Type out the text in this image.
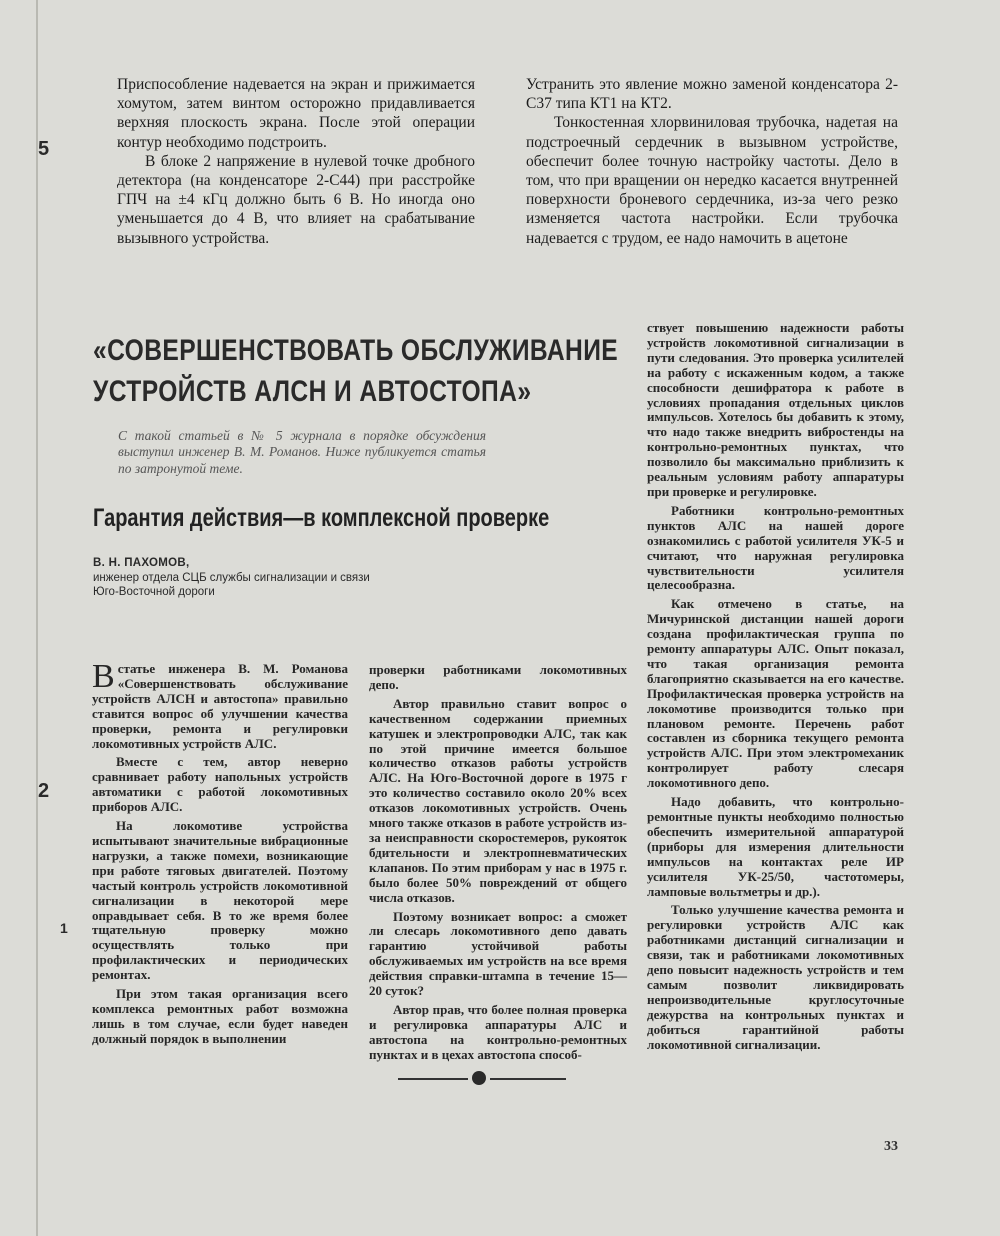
5
2
1

Приспособление надевается на экран и прижимается хомутом, затем винтом осторожно придавливается верхняя плоскость экрана. После этой операции контур необходимо подстроить.

В блоке 2 напряжение в нулевой точке дробного детектора (на конденсаторе 2-С44) при расстройке ГПЧ на ±4 кГц должно быть 6 В. Но иногда оно уменьшается до 4 В, что влияет на срабатывание вызывного устройства.

Устранить это явление можно заменой конденсатора 2-С37 типа КТ1 на КТ2.

Тонкостенная хлорвиниловая трубочка, надетая на подстроечный сердечник в вызывном устройстве, обеспечит более точную настройку частоты. Дело в том, что при вращении он нередко касается внутренней поверхности броневого сердечника, из-за чего резко изменяется частота настройки. Если трубочка надевается с трудом, ее надо намочить в ацетоне

«СОВЕРШЕНСТВОВАТЬ ОБСЛУЖИВАНИЕ
УСТРОЙСТВ АЛСН И АВТОСТОПА»
С такой статьей в № 5 журнала в порядке обсуждения выступил инженер В. М. Романов. Ниже публикуется статья по затронутой теме.
Гарантия действия—в комплексной проверке
В. Н. ПАХОМОВ,
инженер отдела СЦБ службы сигнализации и связи
Юго-Восточной дороги

Встатье инженера В. М. Романова «Совершенствовать обслуживание устройств АЛСН и автостопа» правильно ставится вопрос об улучшении качества проверки, ремонта и регулировки локомотивных устройств АЛС.

Вместе с тем, автор неверно сравнивает работу напольных устройств автоматики с работой локомотивных приборов АЛС.

На локомотиве устройства испытывают значительные вибрационные нагрузки, а также помехи, возникающие при работе тяговых двигателей. Поэтому частый контроль устройств локомотивной сигнализации в некоторой мере оправдывает себя. В то же время более тщательную проверку можно осуществлять только при профилактических и периодических ремонтах.

При этом такая организация всего комплекса ремонтных работ возможна лишь в том случае, если будет наведен должный порядок в выполнении

проверки работниками локомотивных депо.

Автор правильно ставит вопрос о качественном содержании приемных катушек и электропроводки АЛС, так как по этой причине имеется большое количество отказов работы устройств АЛС. На Юго-Восточной дороге в 1975 г это количество составило около 20% всех отказов локомотивных устройств. Очень много также отказов в работе устройств из-за неисправности скоростемеров, рукояток бдительности и электропневматических клапанов. По этим приборам у нас в 1975 г. было более 50% повреждений от общего числа отказов.

Поэтому возникает вопрос: а сможет ли слесарь локомотивного депо давать гарантию устойчивой работы обслуживаемых им устройств на все время действия справки-штампа в течение 15—20 суток?

Автор прав, что более полная проверка и регулировка аппаратуры АЛС и автостопа на контрольно-ремонтных пунктах и в цехах автостопа способ-

ствует повышению надежности работы устройств локомотивной сигнализации в пути следования. Это проверка усилителей на работу с искаженным кодом, а также способности дешифратора к работе в условиях пропадания отдельных циклов импульсов. Хотелось бы добавить к этому, что надо также внедрить вибростенды на контрольно-ремонтных пунктах, что позволило бы максимально приблизить к реальным условиям работу аппаратуры при проверке и регулировке.

Работники контрольно-ремонтных пунктов АЛС на нашей дороге ознакомились с работой усилителя УК-5 и считают, что наружная регулировка чувствительности усилителя целесообразна.

Как отмечено в статье, на Мичуринской дистанции нашей дороги создана профилактическая группа по ремонту аппаратуры АЛС. Опыт показал, что такая организация ремонта благоприятно сказывается на его качестве. Профилактическая проверка устройств на локомотиве производится только при плановом ремонте. Перечень работ составлен из сборника текущего ремонта устройств АЛС. При этом электромеханик контролирует работу слесаря локомотивного депо.

Надо добавить, что контрольно-ремонтные пункты необходимо полностью обеспечить измерительной аппаратурой (приборы для измерения длительности импульсов на контактах реле ИР усилителя УК-25/50, частотомеры, ламповые вольтметры и др.).

Только улучшение качества ремонта и регулировки устройств АЛС как работниками дистанций сигнализации и связи, так и работниками локомотивных депо повысит надежность устройств и тем самым позволит ликвидировать непроизводительные круглосуточные дежурства на контрольных пунктах и добиться гарантийной работы локомотивной сигнализации.

33
